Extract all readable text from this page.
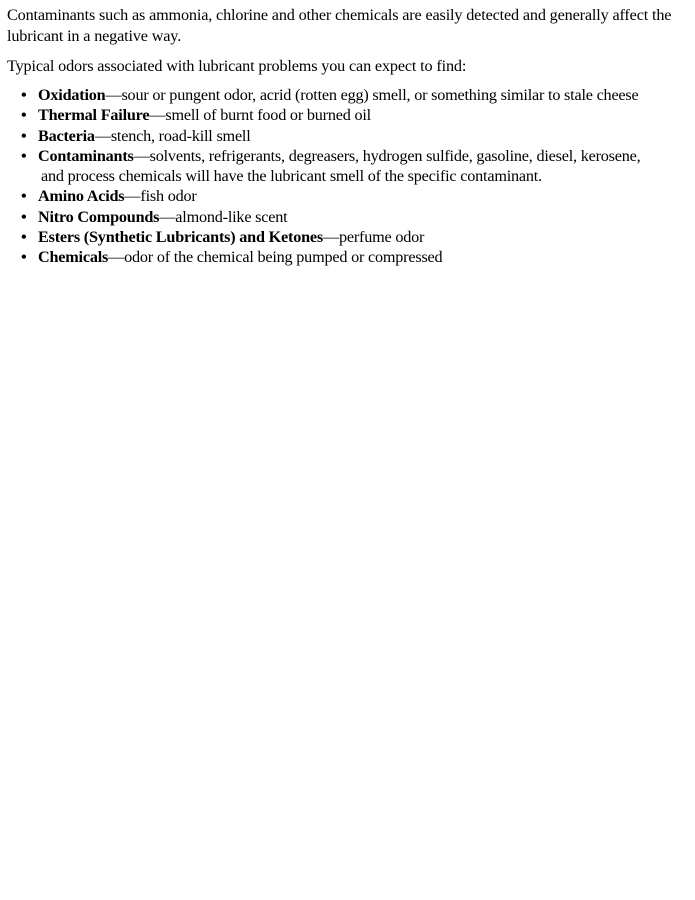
Contaminants such as ammonia, chlorine and other chemicals are easily detected and generally affect the lubricant in a negative way.

Typical odors associated with lubricant problems you can expect to find:

• Oxidation—sour or pungent odor, acrid (rotten egg) smell, or something similar to stale cheese
• Thermal Failure—smell of burnt food or burned oil
• Bacteria—stench, road-kill smell
• Contaminants—solvents, refrigerants, degreasers, hydrogen sulfide, gasoline, diesel, kerosene,
and process chemicals will have the lubricant smell of the specific contaminant.
• Amino Acids—fish odor
• Nitro Compounds—almond-like scent
• Esters (Synthetic Lubricants) and Ketones—perfume odor
• Chemicals—odor of the chemical being pumped or compressed
